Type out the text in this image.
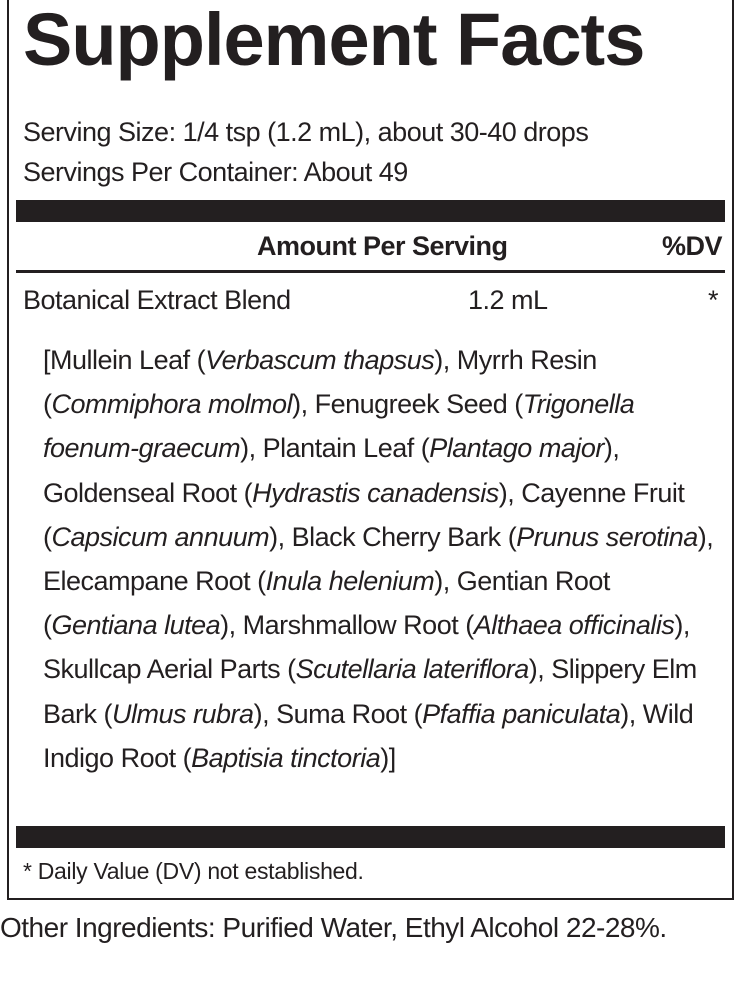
Supplement Facts
Serving Size: 1/4 tsp (1.2 mL), about 30-40 drops
Servings Per Container: About 49
Amount Per Serving	%DV
Botanical Extract Blend	1.2 mL	*
[Mullein Leaf (Verbascum thapsus), Myrrh Resin (Commiphora molmol), Fenugreek Seed (Trigonella foenum-graecum), Plantain Leaf (Plantago major), Goldenseal Root (Hydrastis canadensis), Cayenne Fruit (Capsicum annuum), Black Cherry Bark (Prunus serotina), Elecampane Root (Inula helenium), Gentian Root (Gentiana lutea), Marshmallow Root (Althaea officinalis), Skullcap Aerial Parts (Scutellaria lateriflora), Slippery Elm Bark (Ulmus rubra), Suma Root (Pfaffia paniculata), Wild Indigo Root (Baptisia tinctoria)]
* Daily Value (DV) not established.
Other Ingredients: Purified Water, Ethyl Alcohol 22-28%.
